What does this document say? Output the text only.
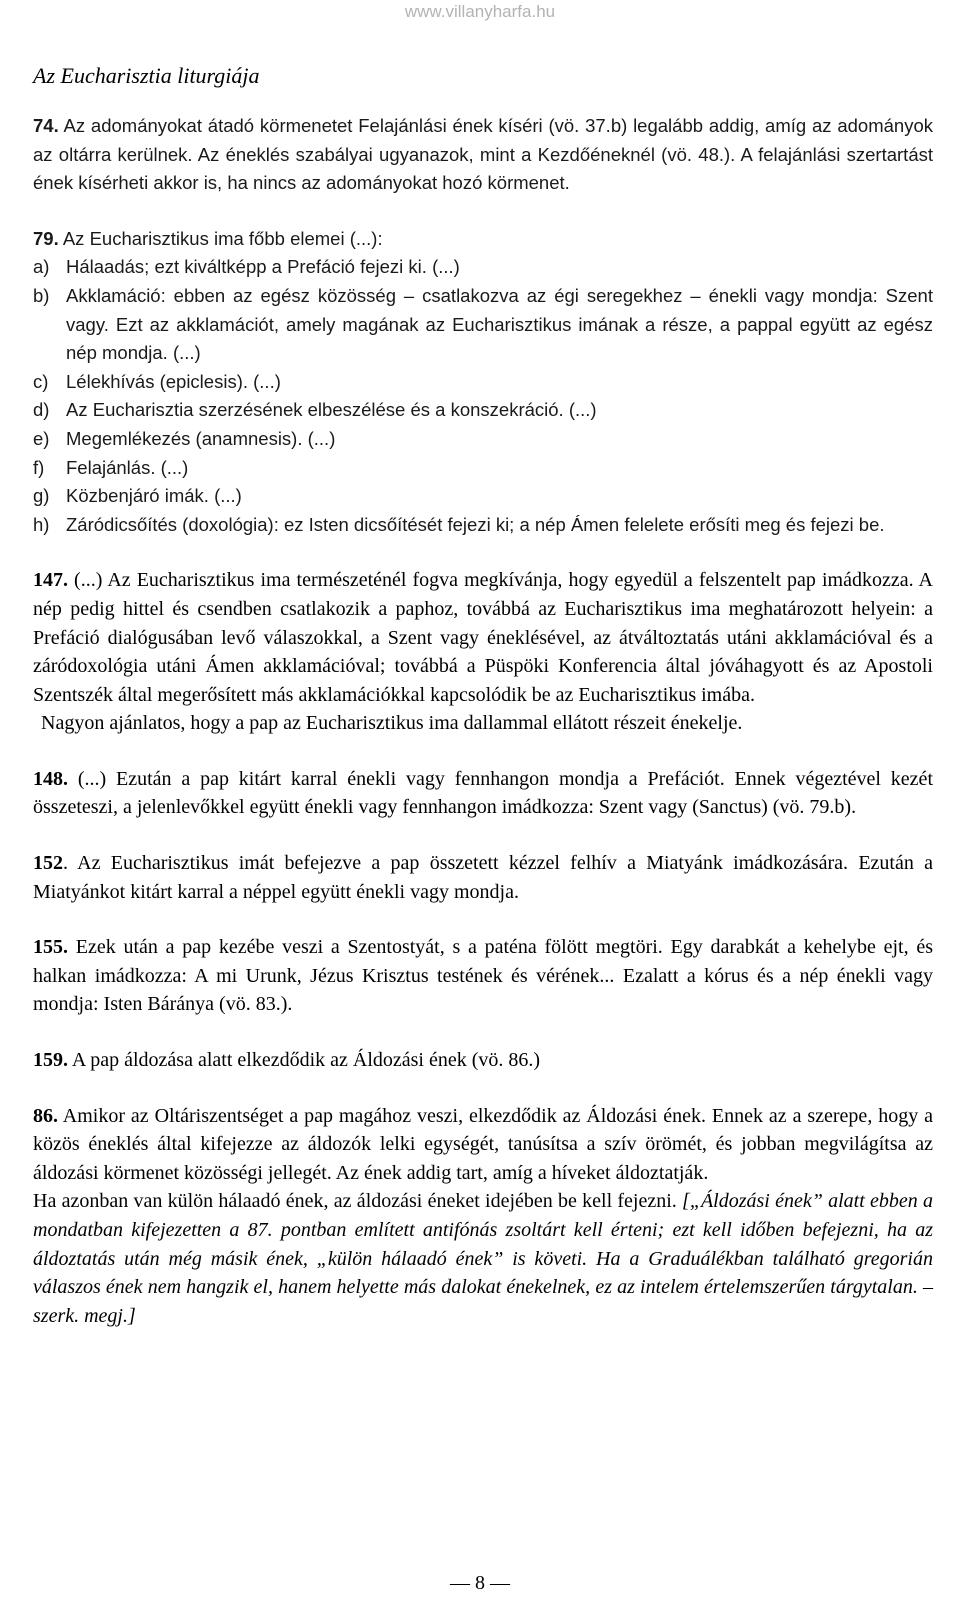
www.villanyharfa.hu
Az Eucharisztia liturgiája

74. Az adományokat átadó körmenetet Felajánlási ének kíséri (vö. 37.b) legalább addig, amíg az adományok az oltárra kerülnek. Az éneklés szabályai ugyanazok, mint a Kezdőéneknél (vö. 48.). A felajánlási szertartást ének kísérheti akkor is, ha nincs az adományokat hozó körmenet.

79. Az Eucharisztikus ima főbb elemei (...):

a) Hálaadás; ezt kiváltképp a Prefáció fejezi ki. (...)
b) Akklamáció: ebben az egész közösség – csatlakozva az égi seregekhez – énekli vagy mondja: Szent vagy. Ezt az akklamációt, amely magának az Eucharisztikus imának a része, a pappal együtt az egész nép mondja. (...)
c) Lélekhívás (epiclesis). (...)
d) Az Eucharisztia szerzésének elbeszélése és a konszekráció. (...)
e) Megemlékezés (anamnesis). (...)
f) Felajánlás. (...)
g) Közbenjáró imák. (...)
h) Záródicsőítés (doxológia): ez Isten dicsőítését fejezi ki; a nép Ámen felelete erősíti meg és fejezi be.

147. (...) Az Eucharisztikus ima természeténél fogva megkívánja, hogy egyedül a felszentelt pap imádkozza. A nép pedig hittel és csendben csatlakozik a paphoz, továbbá az Eucharisztikus ima meghatározott helyein: a Prefáció dialógusában levő válaszokkal, a Szent vagy éneklésével, az átváltoztatás utáni akklamációval és a záródoxológia utáni Ámen akklamációval; továbbá a Püspöki Konferencia által jóváhagyott és az Apostoli Szentszék által megerősített más akklamációkkal kapcsolódik be az Eucharisztikus imába.

Nagyon ajánlatos, hogy a pap az Eucharisztikus ima dallammal ellátott részeit énekelje.

148. (...) Ezután a pap kitárt karral énekli vagy fennhangon mondja a Prefációt. Ennek végeztével kezét összeteszi, a jelenlevőkkel együtt énekli vagy fennhangon imádkozza: Szent vagy (Sanctus) (vö. 79.b).

152. Az Eucharisztikus imát befejezve a pap összetett kézzel felhív a Miatyánk imádkozására. Ezután a Miatyánkot kitárt karral a néppel együtt énekli vagy mondja.

155. Ezek után a pap kezébe veszi a Szentostyát, s a paténa fölött megtöri. Egy darabkát a kehelybe ejt, és halkan imádkozza: A mi Urunk, Jézus Krisztus testének és vérének... Ezalatt a kórus és a nép énekli vagy mondja: Isten Báránya (vö. 83.).

159. A pap áldozása alatt elkezdődik az Áldozási ének (vö. 86.)

86. Amikor az Oltáriszentséget a pap magához veszi, elkezdődik az Áldozási ének. Ennek az a szerepe, hogy a közös éneklés által kifejezze az áldozók lelki egységét, tanúsítsa a szív örömét, és jobban megvilágítsa az áldozási körmenet közösségi jellegét. Az ének addig tart, amíg a híveket áldoztatják.

Ha azonban van külön hálaadó ének, az áldozási éneket idejében be kell fejezni. [„Áldozási ének” alatt ebben a mondatban kifejezetten a 87. pontban említett antifónás zsoltárt kell érteni; ezt kell időben befejezni, ha az áldoztatás után még másik ének, „külön hálaadó ének” is követi. Ha a Graduálékban található gregorián válaszos ének nem hangzik el, hanem helyette más dalokat énekelnek, ez az intelem értelemszerűen tárgytalan. – szerk. megj.]

— 8 —
